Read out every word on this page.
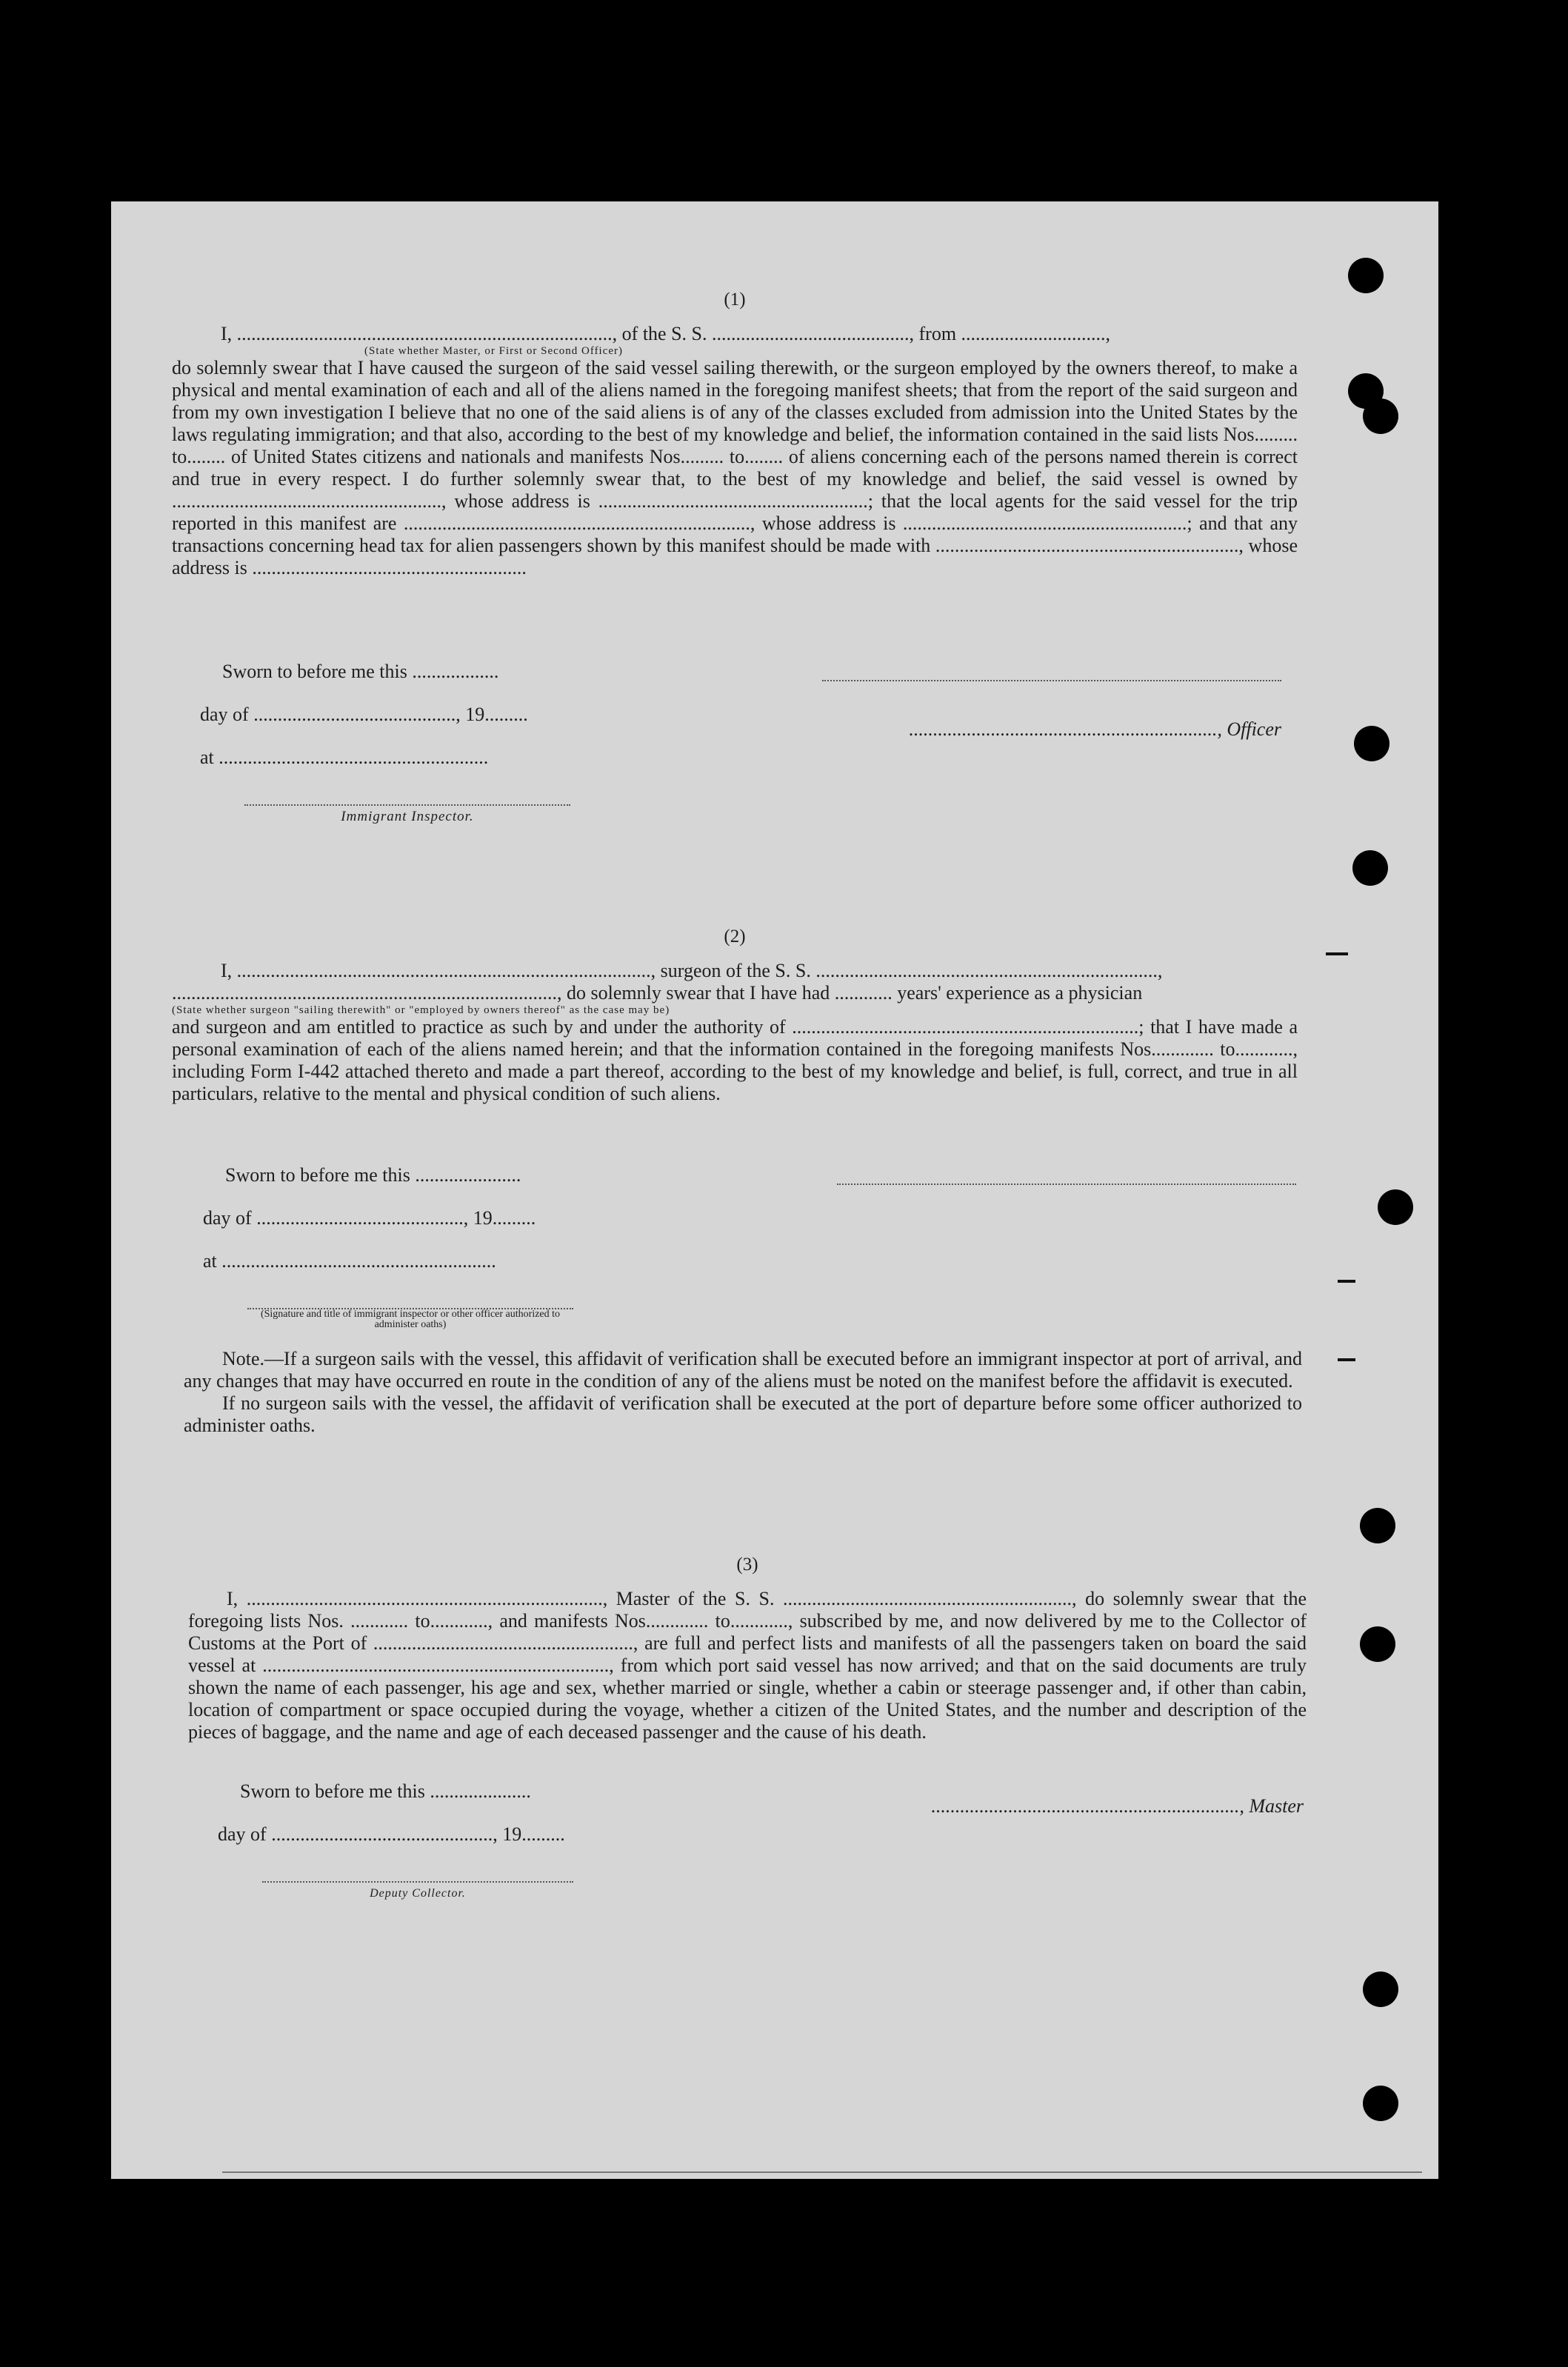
(1)

I, .............................................................................., of the S. S. ........................................., from ..............................,

(State whether Master, or First or Second Officer)

do solemnly swear that I have caused the surgeon of the said vessel sailing therewith, or the surgeon employed by the owners thereof, to make a physical and mental examination of each and all of the aliens named in the foregoing manifest sheets; that from the report of the said surgeon and from my own investigation I believe that no one of the said aliens is of any of the classes excluded from admission into the United States by the laws regulating immigration; and that also, according to the best of my knowledge and belief, the information contained in the said lists Nos......... to........ of United States citizens and nationals and manifests Nos......... to........ of aliens concerning each of the persons named therein is correct and true in every respect. I do further solemnly swear that, to the best of my knowledge and belief, the said vessel is owned by ........................................................, whose address is ........................................................; that the local agents for the said vessel for the trip reported in this manifest are ........................................................................, whose address is ...........................................................; and that any transactions concerning head tax for alien passengers shown by this manifest should be made with ..............................................................., whose address is .........................................................

Sworn to before me this ..................
day of .........................................., 19.........
at ........................................................
Immigrant Inspector.
................................................................, Officer

(2)

I, ......................................................................................, surgeon of the S. S. .......................................................................,

................................................................................, do solemnly swear that I have had ............ years' experience as a physician

(State whether surgeon "sailing therewith" or "employed by owners thereof" as the case may be)

and surgeon and am entitled to practice as such by and under the authority of ........................................................................; that I have made a personal examination of each of the aliens named herein; and that the information contained in the foregoing manifests Nos............. to............, including Form I-442 attached thereto and made a part thereof, according to the best of my knowledge and belief, is full, correct, and true in all particulars, relative to the mental and physical condition of such aliens.

Sworn to before me this ......................
day of ..........................................., 19.........
at .........................................................
(Signature and title of immigrant inspector or other officer authorized to administer oaths)

Note.—If a surgeon sails with the vessel, this affidavit of verification shall be executed before an immigrant inspector at port of arrival, and any changes that may have occurred en route in the condition of any of the aliens must be noted on the manifest before the affidavit is executed.

If no surgeon sails with the vessel, the affidavit of verification shall be executed at the port of departure before some officer authorized to administer oaths.

(3)

I, .........................................................................., Master of the S. S. ............................................................, do solemnly swear that the foregoing lists Nos. ............ to............, and manifests Nos............. to............, subscribed by me, and now delivered by me to the Collector of Customs at the Port of ......................................................, are full and perfect lists and manifests of all the passengers taken on board the said vessel at ........................................................................, from which port said vessel has now arrived; and that on the said documents are truly shown the name of each passenger, his age and sex, whether married or single, whether a cabin or steerage passenger and, if other than cabin, location of compartment or space occupied during the voyage, whether a citizen of the United States, and the number and description of the pieces of baggage, and the name and age of each deceased passenger and the cause of his death.

Sworn to before me this .....................
day of .............................................., 19.........
Deputy Collector.
................................................................, Master
